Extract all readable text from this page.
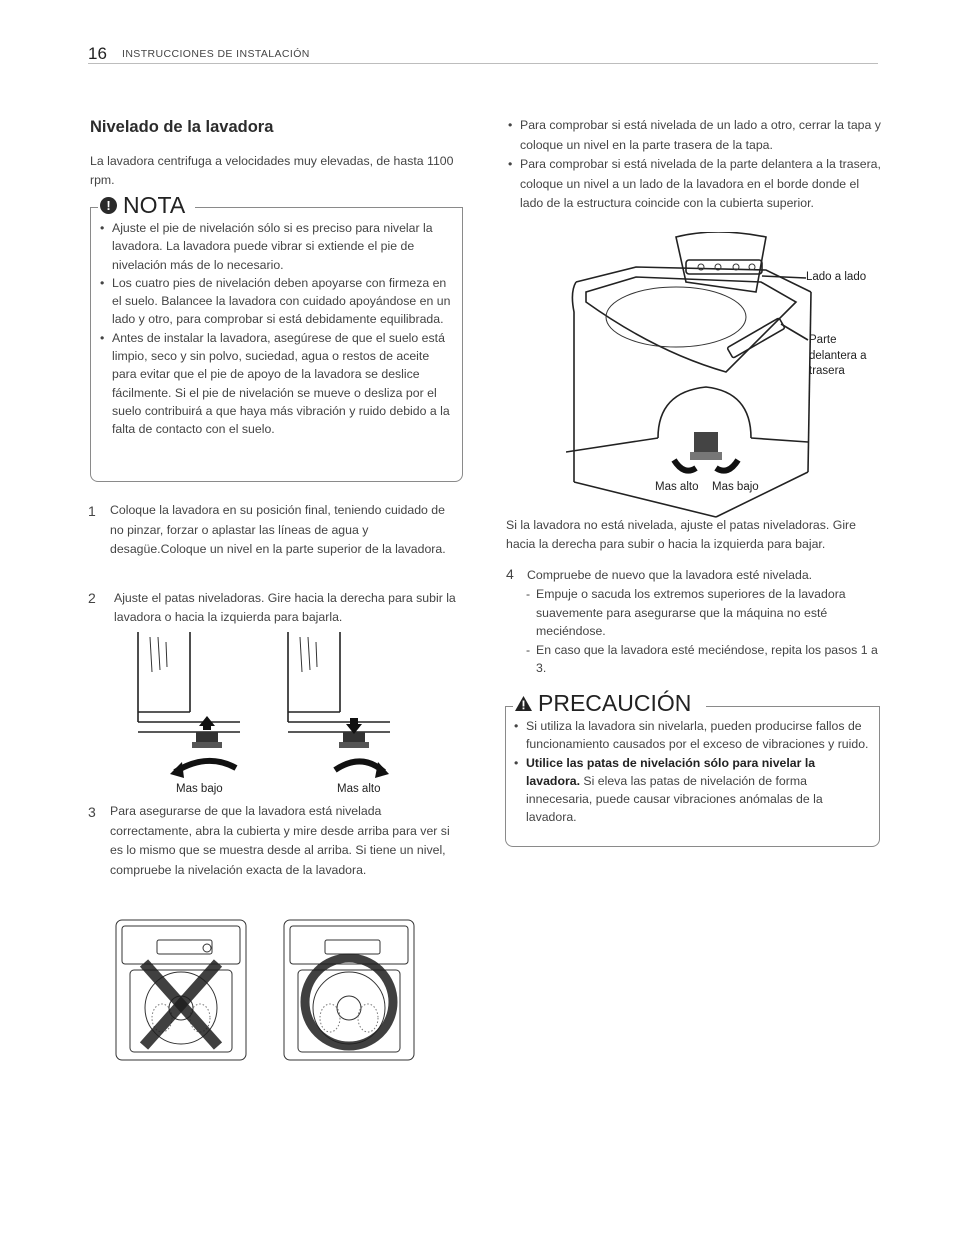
16 INSTRUCCIONES DE INSTALACIÓN
Nivelado de la lavadora
La lavadora centrifuga a velocidades muy elevadas, de hasta 1100 rpm.
! NOTA
• Ajuste el pie de nivelación sólo si es preciso para nivelar la lavadora. La lavadora puede vibrar si extiende el pie de nivelación más de lo necesario.
• Los cuatro pies de nivelación deben apoyarse con firmeza en el suelo. Balancee la lavadora con cuidado apoyándose en un lado y otro, para comprobar si está debidamente equilibrada.
• Antes de instalar la lavadora, asegúrese de que el suelo está limpio, seco y sin polvo, suciedad, agua o restos de aceite para evitar que el pie de apoyo de la lavadora se deslice fácilmente. Si el pie de nivelación se mueve o desliza por el suelo contribuirá a que haya más vibración y ruido debido a la falta de contacto con el suelo.
1 Coloque la lavadora en su posición final, teniendo cuidado de no pinzar, forzar o aplastar las líneas de agua y desagüe.Coloque un nivel en la parte superior de la lavadora.
2 Ajuste el patas niveladoras. Gire hacia la derecha para subir la lavadora o hacia la izquierda para bajarla.
Mas bajo	Mas alto
3 Para asegurarse de que la lavadora está nivelada correctamente, abra la cubierta y mire desde arriba para ver si es lo mismo que se muestra desde al arriba. Si tiene un nivel, compruebe la nivelación exacta de la lavadora.
• Para comprobar si está nivelada de un lado a otro, cerrar la tapa y coloque un nivel en la parte trasera de la tapa.
• Para comprobar si está nivelada de la parte delantera a la trasera, coloque un nivel a un lado de la lavadora en el borde donde el lado de la estructura coincide con la cubierta superior.
Lado a lado
Parte
delantera a
trasera
Mas alto Mas bajo
Si la lavadora no está nivelada, ajuste el patas niveladoras. Gire hacia la derecha para subir o hacia la izquierda para bajar.
4 Compruebe de nuevo que la lavadora esté nivelada.
- Empuje o sacuda los extremos superiores de la lavadora suavemente para asegurarse que la máquina no esté meciéndose.
- En caso que la lavadora esté meciéndose, repita los pasos 1 a 3.
PRECAUCIÓN
• Si utiliza la lavadora sin nivelarla, pueden producirse fallos de funcionamiento causados por el exceso de vibraciones y ruido.
• Utilice las patas de nivelación sólo para nivelar la lavadora. Si eleva las patas de nivelación de forma innecesaria, puede causar vibraciones anómalas de la lavadora.
